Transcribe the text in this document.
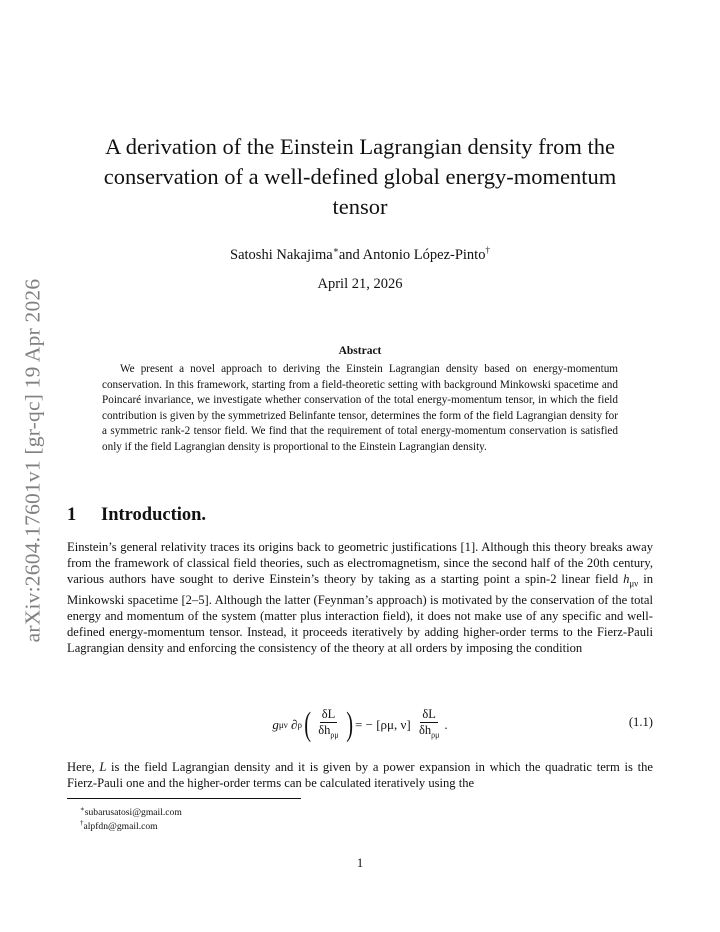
arXiv:2604.17601v1 [gr-qc] 19 Apr 2026
A derivation of the Einstein Lagrangian density from the
conservation of a well-defined global energy-momentum
tensor
Satoshi Nakajima∗and Antonio López-Pinto†
April 21, 2026
Abstract

We present a novel approach to deriving the Einstein Lagrangian density based on energy-momentum conservation. In this framework, starting from a field-theoretic setting with background Minkowski spacetime and Poincaré invariance, we investigate whether conservation of the total energy-momentum tensor, in which the field contribution is given by the symmetrized Belinfante tensor, determines the form of the field Lagrangian density for a symmetric rank-2 tensor field. We find that the requirement of total energy-momentum conservation is satisfied only if the field Lagrangian density is proportional to the Einstein Lagrangian density.

1 Introduction.

Einstein’s general relativity traces its origins back to geometric justifications [1]. Although this theory breaks away from the framework of classical field theories, such as electromagnetism, since the second half of the 20th century, various authors have sought to derive Einstein’s theory by taking as a starting point a spin-2 linear field $h_{\mu\nu}$ in Minkowski spacetime [2–5]. Although the latter (Feynman’s approach) is motivated by the conservation of the total energy and momentum of the system (matter plus interaction field), it does not make use of any specific and well-defined energy-momentum tensor. Instead, it proceeds iteratively by adding higher-order terms to the Fierz-Pauli Lagrangian density and enforcing the consistency of the theory at all orders by imposing the condition

g μν
∂ ρ ( $\frac{\delta L}{\delta h_{\rho\mu}}$ ) = −
[ρμ, ν]
$\frac{\delta L}{\delta h_{\rho\mu}}$ .	(1.1)

Here, L is the field Lagrangian density and it is given by a power expansion in which the quadratic term is the Fierz-Pauli one and the higher-order terms can be calculated iteratively using the

∗subarusatosi@gmail.com
†alpfdn@gmail.com
1
